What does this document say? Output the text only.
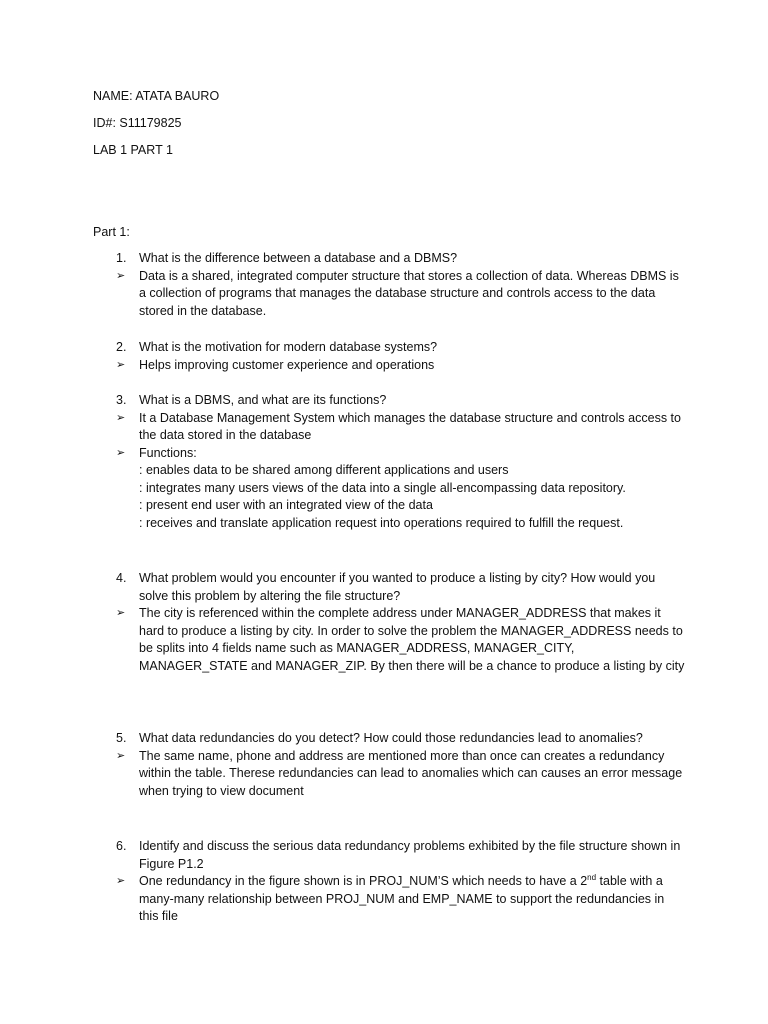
NAME: ATATA BAURO
ID#: S11179825
LAB 1 PART 1
Part 1:
1.	What is the difference between a database and a DBMS?
➢	Data is a shared, integrated computer structure that stores a collection of data. Whereas DBMS is a collection of programs that manages the database structure and controls access to the data stored in the database.
2.	What is the motivation for modern database systems?
➢	Helps improving customer experience and operations
3.	What is a DBMS, and what are its functions?
➢	It a Database Management System which manages the database structure and controls access to the data stored in the database
➢	Functions:
: enables data to be shared among different applications and users
: integrates many users views of the data into a single all-encompassing data repository.
: present end user with an integrated view of the data
: receives and translate application request into operations required to fulfill the request.
4.	What problem would you encounter if you wanted to produce a listing by city? How would you solve this problem by altering the file structure?
➢	The city is referenced within the complete address under MANAGER_ADDRESS that makes it hard to produce a listing by city. In order to solve the problem the MANAGER_ADDRESS needs to be splits into 4 fields name such as MANAGER_ADDRESS, MANAGER_CITY, MANAGER_STATE and MANAGER_ZIP. By then there will be a chance to produce a listing by city
5.	What data redundancies do you detect? How could those redundancies lead to anomalies?
➢	The same name, phone and address are mentioned more than once can creates a redundancy within the table. Therese redundancies can lead to anomalies which can causes an error message when trying to view document
6.	Identify and discuss the serious data redundancy problems exhibited by the file structure shown in Figure P1.2
➢	One redundancy in the figure shown is in PROJ_NUM’S which needs to have a 2nd table with a many-many relationship between PROJ_NUM and EMP_NAME to support the redundancies in this file
